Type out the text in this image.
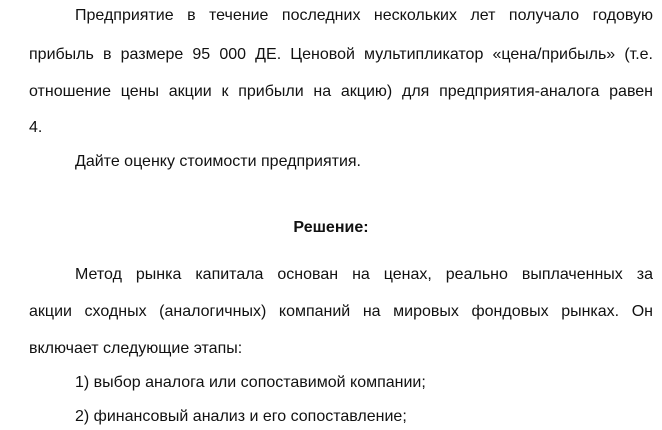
Предприятие в течение последних нескольких лет получало годовую
прибыль в размере 95 000 ДЕ. Ценовой мультипликатор «цена/прибыль» (т.е.
отношение цены акции к прибыли на акцию) для предприятия-аналога равен
4.
Дайте оценку стоимости предприятия.
Решение:
Метод рынка капитала основан на ценах, реально выплаченных за
акции сходных (аналогичных) компаний на мировых фондовых рынках. Он
включает следующие этапы:
1) выбор аналога или сопоставимой компании;
2) финансовый анализ и его сопоставление;
